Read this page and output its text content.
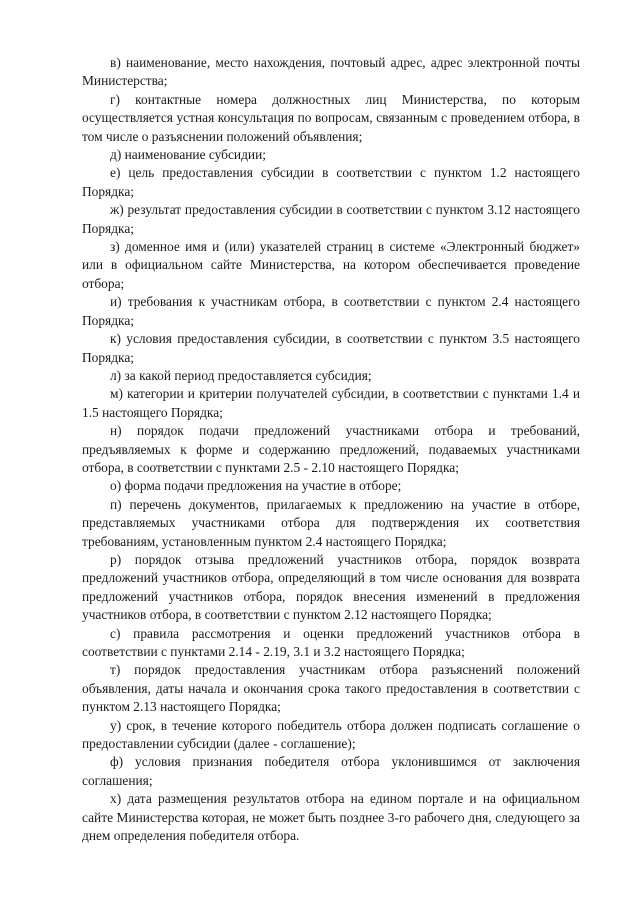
в) наименование, место нахождения, почтовый адрес, адрес электронной почты Министерства;

г) контактные номера должностных лиц Министерства, по которым осуществляется устная консультация по вопросам, связанным с проведением отбора, в том числе о разъяснении положений объявления;

д) наименование субсидии;

е) цель предоставления субсидии в соответствии с пунктом 1.2 настоящего Порядка;

ж) результат предоставления субсидии в соответствии с пунктом 3.12 настоящего Порядка;

з) доменное имя и (или) указателей страниц в системе «Электронный бюджет» или в официальном сайте Министерства, на котором обеспечивается проведение отбора;

и) требования к участникам отбора, в соответствии с пунктом 2.4 настоящего Порядка;

к) условия предоставления субсидии, в соответствии с пунктом 3.5 настоящего Порядка;

л) за какой период предоставляется субсидия;

м) категории и критерии получателей субсидии, в соответствии с пунктами 1.4 и 1.5 настоящего Порядка;

н) порядок подачи предложений участниками отбора и требований, предъявляемых к форме и содержанию предложений, подаваемых участниками отбора, в соответствии с пунктами 2.5 - 2.10 настоящего Порядка;

о) форма подачи предложения на участие в отборе;

п) перечень документов, прилагаемых к предложению на участие в отборе, представляемых участниками отбора для подтверждения их соответствия требованиям, установленным пунктом 2.4 настоящего Порядка;

р) порядок отзыва предложений участников отбора, порядок возврата предложений участников отбора, определяющий в том числе основания для возврата предложений участников отбора, порядок внесения изменений в предложения участников отбора, в соответствии с пунктом 2.12 настоящего Порядка;

с) правила рассмотрения и оценки предложений участников отбора в соответствии с пунктами 2.14 - 2.19, 3.1 и 3.2 настоящего Порядка;

т) порядок предоставления участникам отбора разъяснений положений объявления, даты начала и окончания срока такого предоставления в соответствии с пунктом 2.13 настоящего Порядка;

у) срок, в течение которого победитель отбора должен подписать соглашение о предоставлении субсидии (далее - соглашение);

ф) условия признания победителя отбора уклонившимся от заключения соглашения;

х) дата размещения результатов отбора на едином портале и на официальном сайте Министерства которая, не может быть позднее 3-го рабочего дня, следующего за днем определения победителя отбора.
